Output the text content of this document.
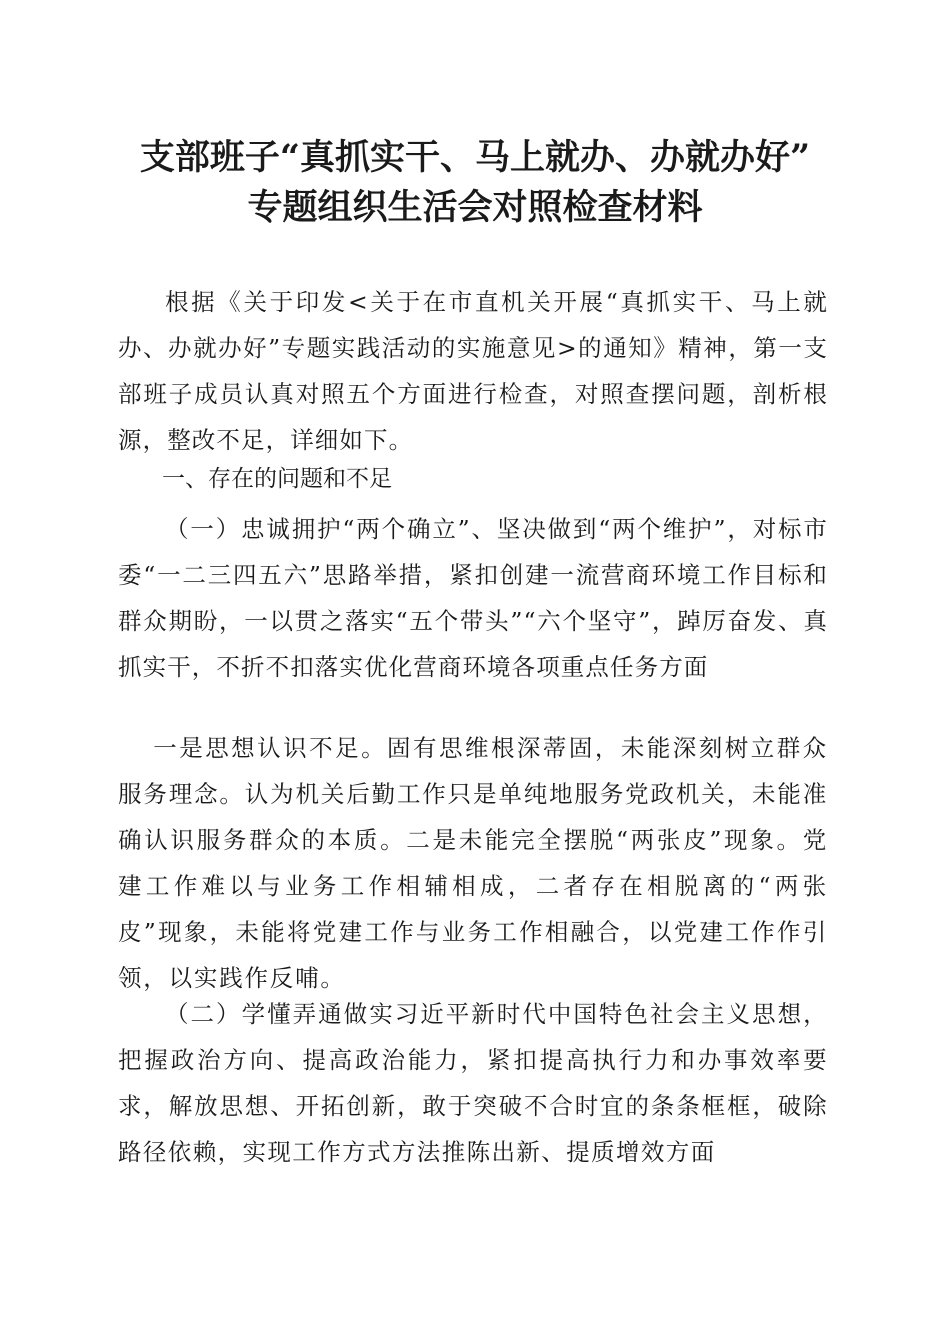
支部班子“真抓实干、马上就办、办就办好”
专题组织生活会对照检查材料

根据《关于印发<关于在市直机关开展“真抓实干、马上就办、办就办好”专题实践活动的实施意见>的通知》精神，第一支部班子成员认真对照五个方面进行检查，对照查摆问题，剖析根源，整改不足，详细如下。

一、存在的问题和不足

（一）忠诚拥护“两个确立”、坚决做到“两个维护”，对标市委“一二三四五六”思路举措，紧扣创建一流营商环境工作目标和群众期盼，一以贯之落实“五个带头”“六个坚守”，踔厉奋发、真抓实干，不折不扣落实优化营商环境各项重点任务方面

一是思想认识不足。固有思维根深蒂固，未能深刻树立群众服务理念。认为机关后勤工作只是单纯地服务党政机关，未能准确认识服务群众的本质。二是未能完全摆脱“两张皮”现象。党建工作难以与业务工作相辅相成，二者存在相脱离的“两张皮”现象，未能将党建工作与业务工作相融合，以党建工作作引领，以实践作反哺。

（二）学懂弄通做实习近平新时代中国特色社会主义思想，把握政治方向、提高政治能力，紧扣提高执行力和办事效率要求，解放思想、开拓创新，敢于突破不合时宜的条条框框，破除路径依赖，实现工作方式方法推陈出新、提质增效方面
